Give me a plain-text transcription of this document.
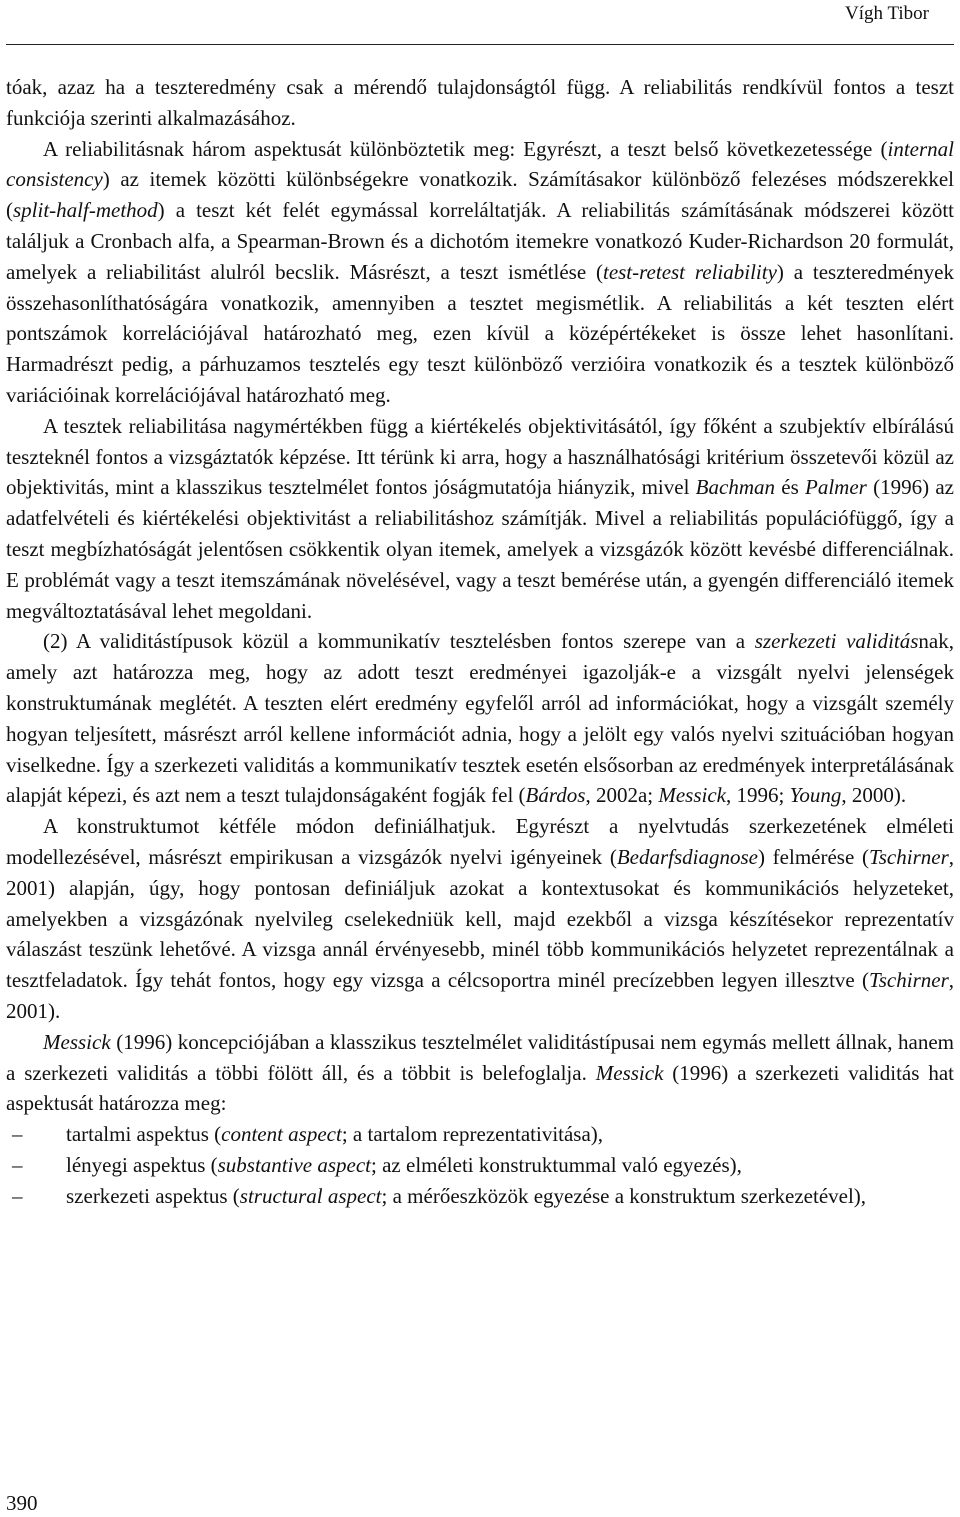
Vígh Tibor

tóak, azaz ha a teszteredmény csak a mérendő tulajdonságtól függ. A reliabilitás rendkívül fontos a teszt funkciója szerinti alkalmazásához.

A reliabilitásnak három aspektusát különböztetik meg: Egyrészt, a teszt belső következetessége (internal consistency) az itemek közötti különbségekre vonatkozik. Számításakor különböző felezéses módszerekkel (split-half-method) a teszt két felét egymással korreláltatják. A reliabilitás számításának módszerei között találjuk a Cronbach alfa, a Spearman-Brown és a dichotóm itemekre vonatkozó Kuder-Richardson 20 formulát, amelyek a reliabilitást alulról becslik. Másrészt, a teszt ismétlése (test-retest reliability) a teszteredmények összehasonlíthatóságára vonatkozik, amennyiben a tesztet megismétlik. A reliabilitás a két teszten elért pontszámok korrelációjával határozható meg, ezen kívül a középértékeket is össze lehet hasonlítani. Harmadrészt pedig, a párhuzamos tesztelés egy teszt különböző verzióira vonatkozik és a tesztek különböző variációinak korrelációjával határozható meg.

A tesztek reliabilitása nagymértékben függ a kiértékelés objektivitásától, így főként a szubjektív elbírálású teszteknél fontos a vizsgáztatók képzése. Itt térünk ki arra, hogy a használhatósági kritérium összetevői közül az objektivitás, mint a klasszikus tesztelmélet fontos jóságmutatója hiányzik, mivel Bachman és Palmer (1996) az adatfelvételi és kiértékelési objektivitást a reliabilitáshoz számítják. Mivel a reliabilitás populációfüggő, így a teszt megbízhatóságát jelentősen csökkentik olyan itemek, amelyek a vizsgázók között kevésbé differenciálnak. E problémát vagy a teszt itemszámának növelésével, vagy a teszt bemérése után, a gyengén differenciáló itemek megváltoztatásával lehet megoldani.

(2) A validitástípusok közül a kommunikatív tesztelésben fontos szerepe van a szerkezeti validitásnak, amely azt határozza meg, hogy az adott teszt eredményei igazolják-e a vizsgált nyelvi jelenségek konstruktumának meglétét. A teszten elért eredmény egyfelől arról ad információkat, hogy a vizsgált személy hogyan teljesített, másrészt arról kellene információt adnia, hogy a jelölt egy valós nyelvi szituációban hogyan viselkedne. Így a szerkezeti validitás a kommunikatív tesztek esetén elsősorban az eredmények interpretálásának alapját képezi, és azt nem a teszt tulajdonságaként fogják fel (Bárdos, 2002a; Messick, 1996; Young, 2000).

A konstruktumot kétféle módon definiálhatjuk. Egyrészt a nyelvtudás szerkezetének elméleti modellezésével, másrészt empirikusan a vizsgázók nyelvi igényeinek (Bedarfsdiagnose) felmérése (Tschirner, 2001) alapján, úgy, hogy pontosan definiáljuk azokat a kontextusokat és kommunikációs helyzeteket, amelyekben a vizsgázónak nyelvileg cselekedniük kell, majd ezekből a vizsga készítésekor reprezentatív válaszást teszünk lehetővé. A vizsga annál érvényesebb, minél több kommunikációs helyzetet reprezentálnak a tesztfeladatok. Így tehát fontos, hogy egy vizsga a célcsoportra minél precízebben legyen illesztve (Tschirner, 2001).

Messick (1996) koncepciójában a klasszikus tesztelmélet validitástípusai nem egymás mellett állnak, hanem a szerkezeti validitás a többi fölött áll, és a többit is belefoglalja. Messick (1996) a szerkezeti validitás hat aspektusát határozza meg:

– tartalmi aspektus (content aspect; a tartalom reprezentativitása),
– lényegi aspektus (substantive aspect; az elméleti konstruktummal való egyezés),
– szerkezeti aspektus (structural aspect; a mérőeszközök egyezése a konstruktum szerkezetével),
390
